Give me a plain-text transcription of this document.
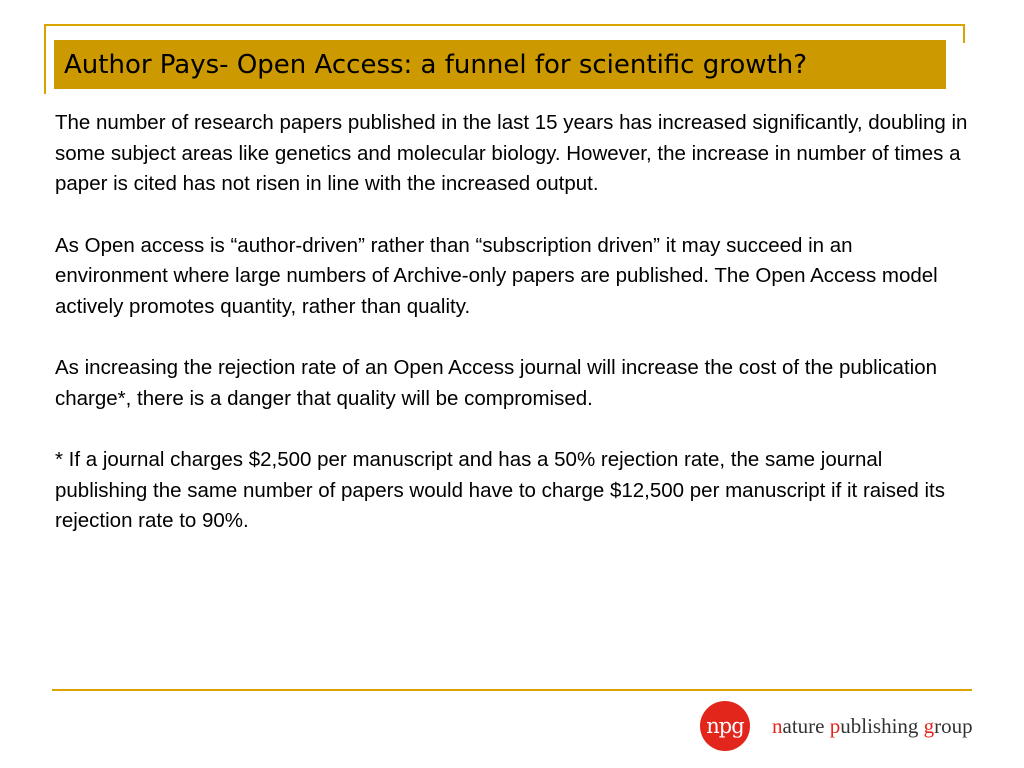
Author Pays- Open Access: a funnel for scientific growth?

The number of research papers published in the last 15 years has increased significantly, doubling in some subject areas like genetics and molecular biology. However, the increase in number of times a paper is cited has not risen in line with the increased output.

As Open access is “author-driven” rather than “subscription driven” it may succeed in an environment where large numbers of Archive-only papers are published. The Open Access model actively promotes quantity, rather than quality.

As increasing the rejection rate of an Open Access journal will increase the cost of the publication charge*, there is a danger that quality will be compromised.

* If a journal charges $2,500 per manuscript and has a 50% rejection rate, the same journal publishing the same number of papers would have to charge $12,500 per manuscript if it raised its rejection rate to 90%.

npg nature publishing group
